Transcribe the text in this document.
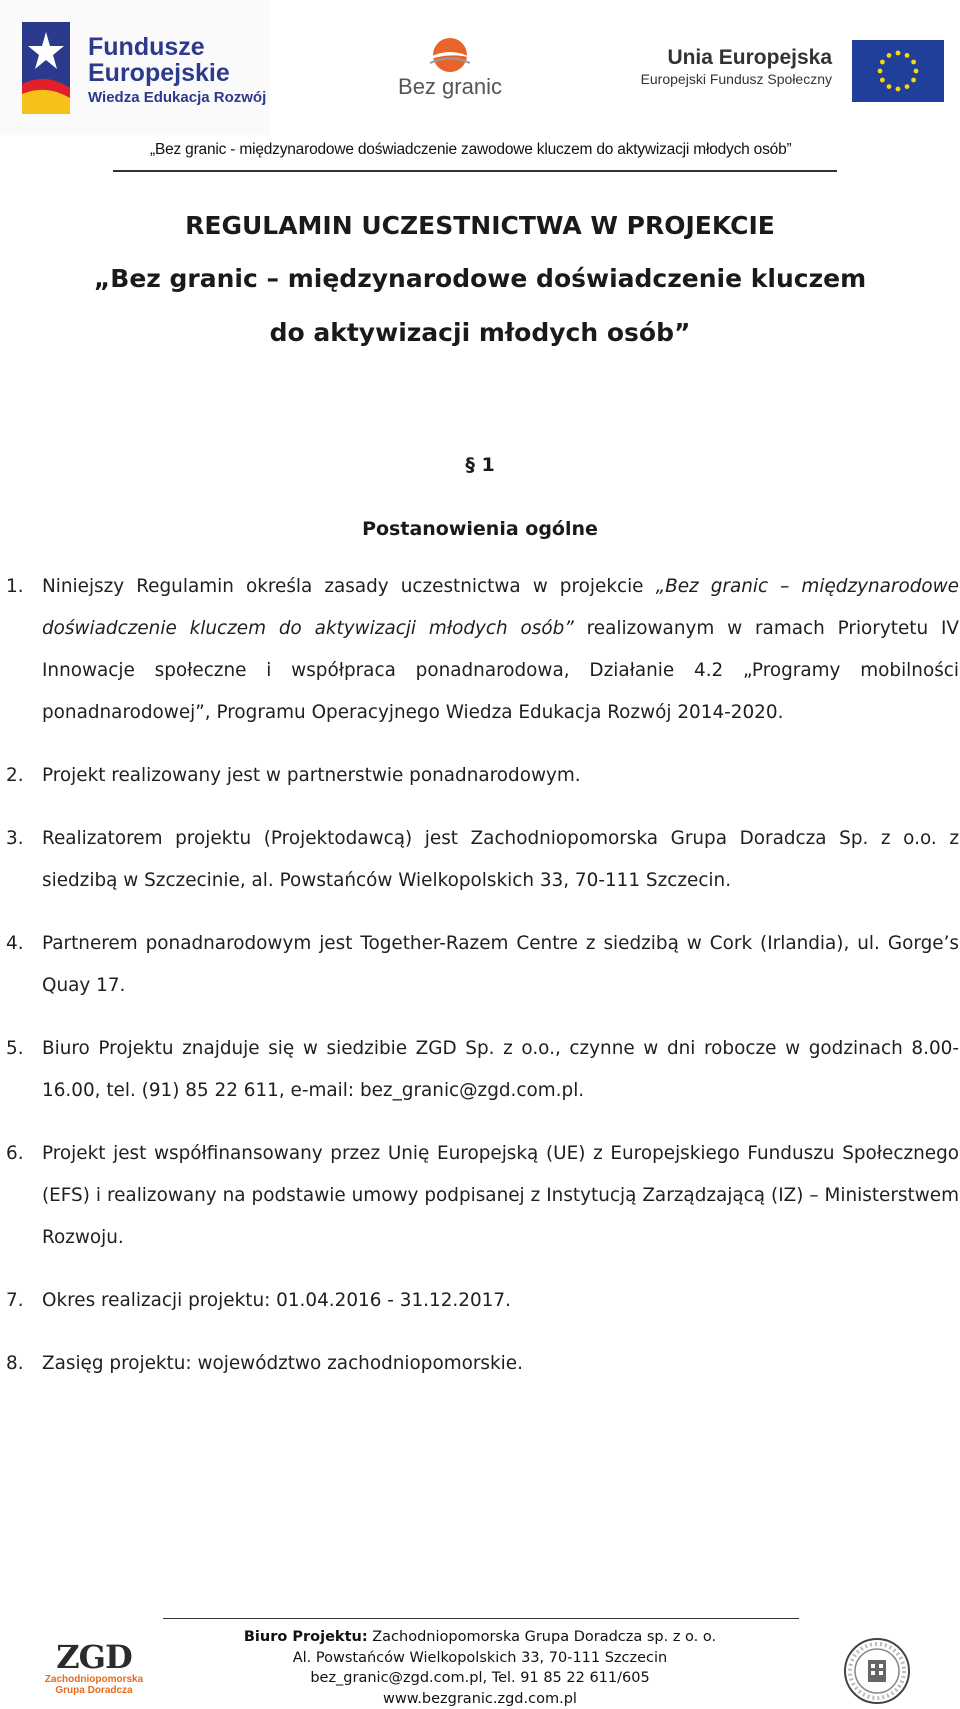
Fundusze
Europejskie
Wiedza Edukacja Rozwój	Bez granic
Unia Europejska
Europejski Fundusz Społeczny
„Bez granic - międzynarodowe doświadczenie zawodowe kluczem do aktywizacji młodych osób”
REGULAMIN UCZESTNICTWA W PROJEKCIE
„Bez granic – międzynarodowe doświadczenie kluczem
do aktywizacji młodych osób”
§ 1
Postanowienia ogólne
1. Niniejszy Regulamin określa zasady uczestnictwa w projekcie „Bez granic – międzynarodowe doświadczenie kluczem do aktywizacji młodych osób” realizowanym w ramach Priorytetu IV Innowacje społeczne i współpraca ponadnarodowa, Działanie 4.2 „Programy mobilności ponadnarodowej”, Programu Operacyjnego Wiedza Edukacja Rozwój 2014-2020.
2. Projekt realizowany jest w partnerstwie ponadnarodowym.
3. Realizatorem projektu (Projektodawcą) jest Zachodniopomorska Grupa Doradcza Sp. z o.o. z siedzibą w Szczecinie, al. Powstańców Wielkopolskich 33, 70-111 Szczecin.
4. Partnerem ponadnarodowym jest Together-Razem Centre z siedzibą w Cork (Irlandia), ul. Gorge’s Quay 17.
5. Biuro Projektu znajduje się w siedzibie ZGD Sp. z o.o., czynne w dni robocze w godzinach 8.00-16.00, tel. (91) 85 22 611, e-mail: bez_granic@zgd.com.pl.
6. Projekt jest współfinansowany przez Unię Europejską (UE) z Europejskiego Funduszu Społecznego (EFS) i realizowany na podstawie umowy podpisanej z Instytucją Zarządzającą (IZ) – Ministerstwem Rozwoju.
7. Okres realizacji projektu: 01.04.2016 - 31.12.2017.
8. Zasięg projektu: województwo zachodniopomorskie.
ZGD
Zachodniopomorska
Grupa Doradcza
Biuro Projektu: Zachodniopomorska Grupa Doradcza sp. z o. o.
Al. Powstańców Wielkopolskich 33, 70-111 Szczecin
bez_granic@zgd.com.pl, Tel. 91 85 22 611/605
www.bezgranic.zgd.com.pl
